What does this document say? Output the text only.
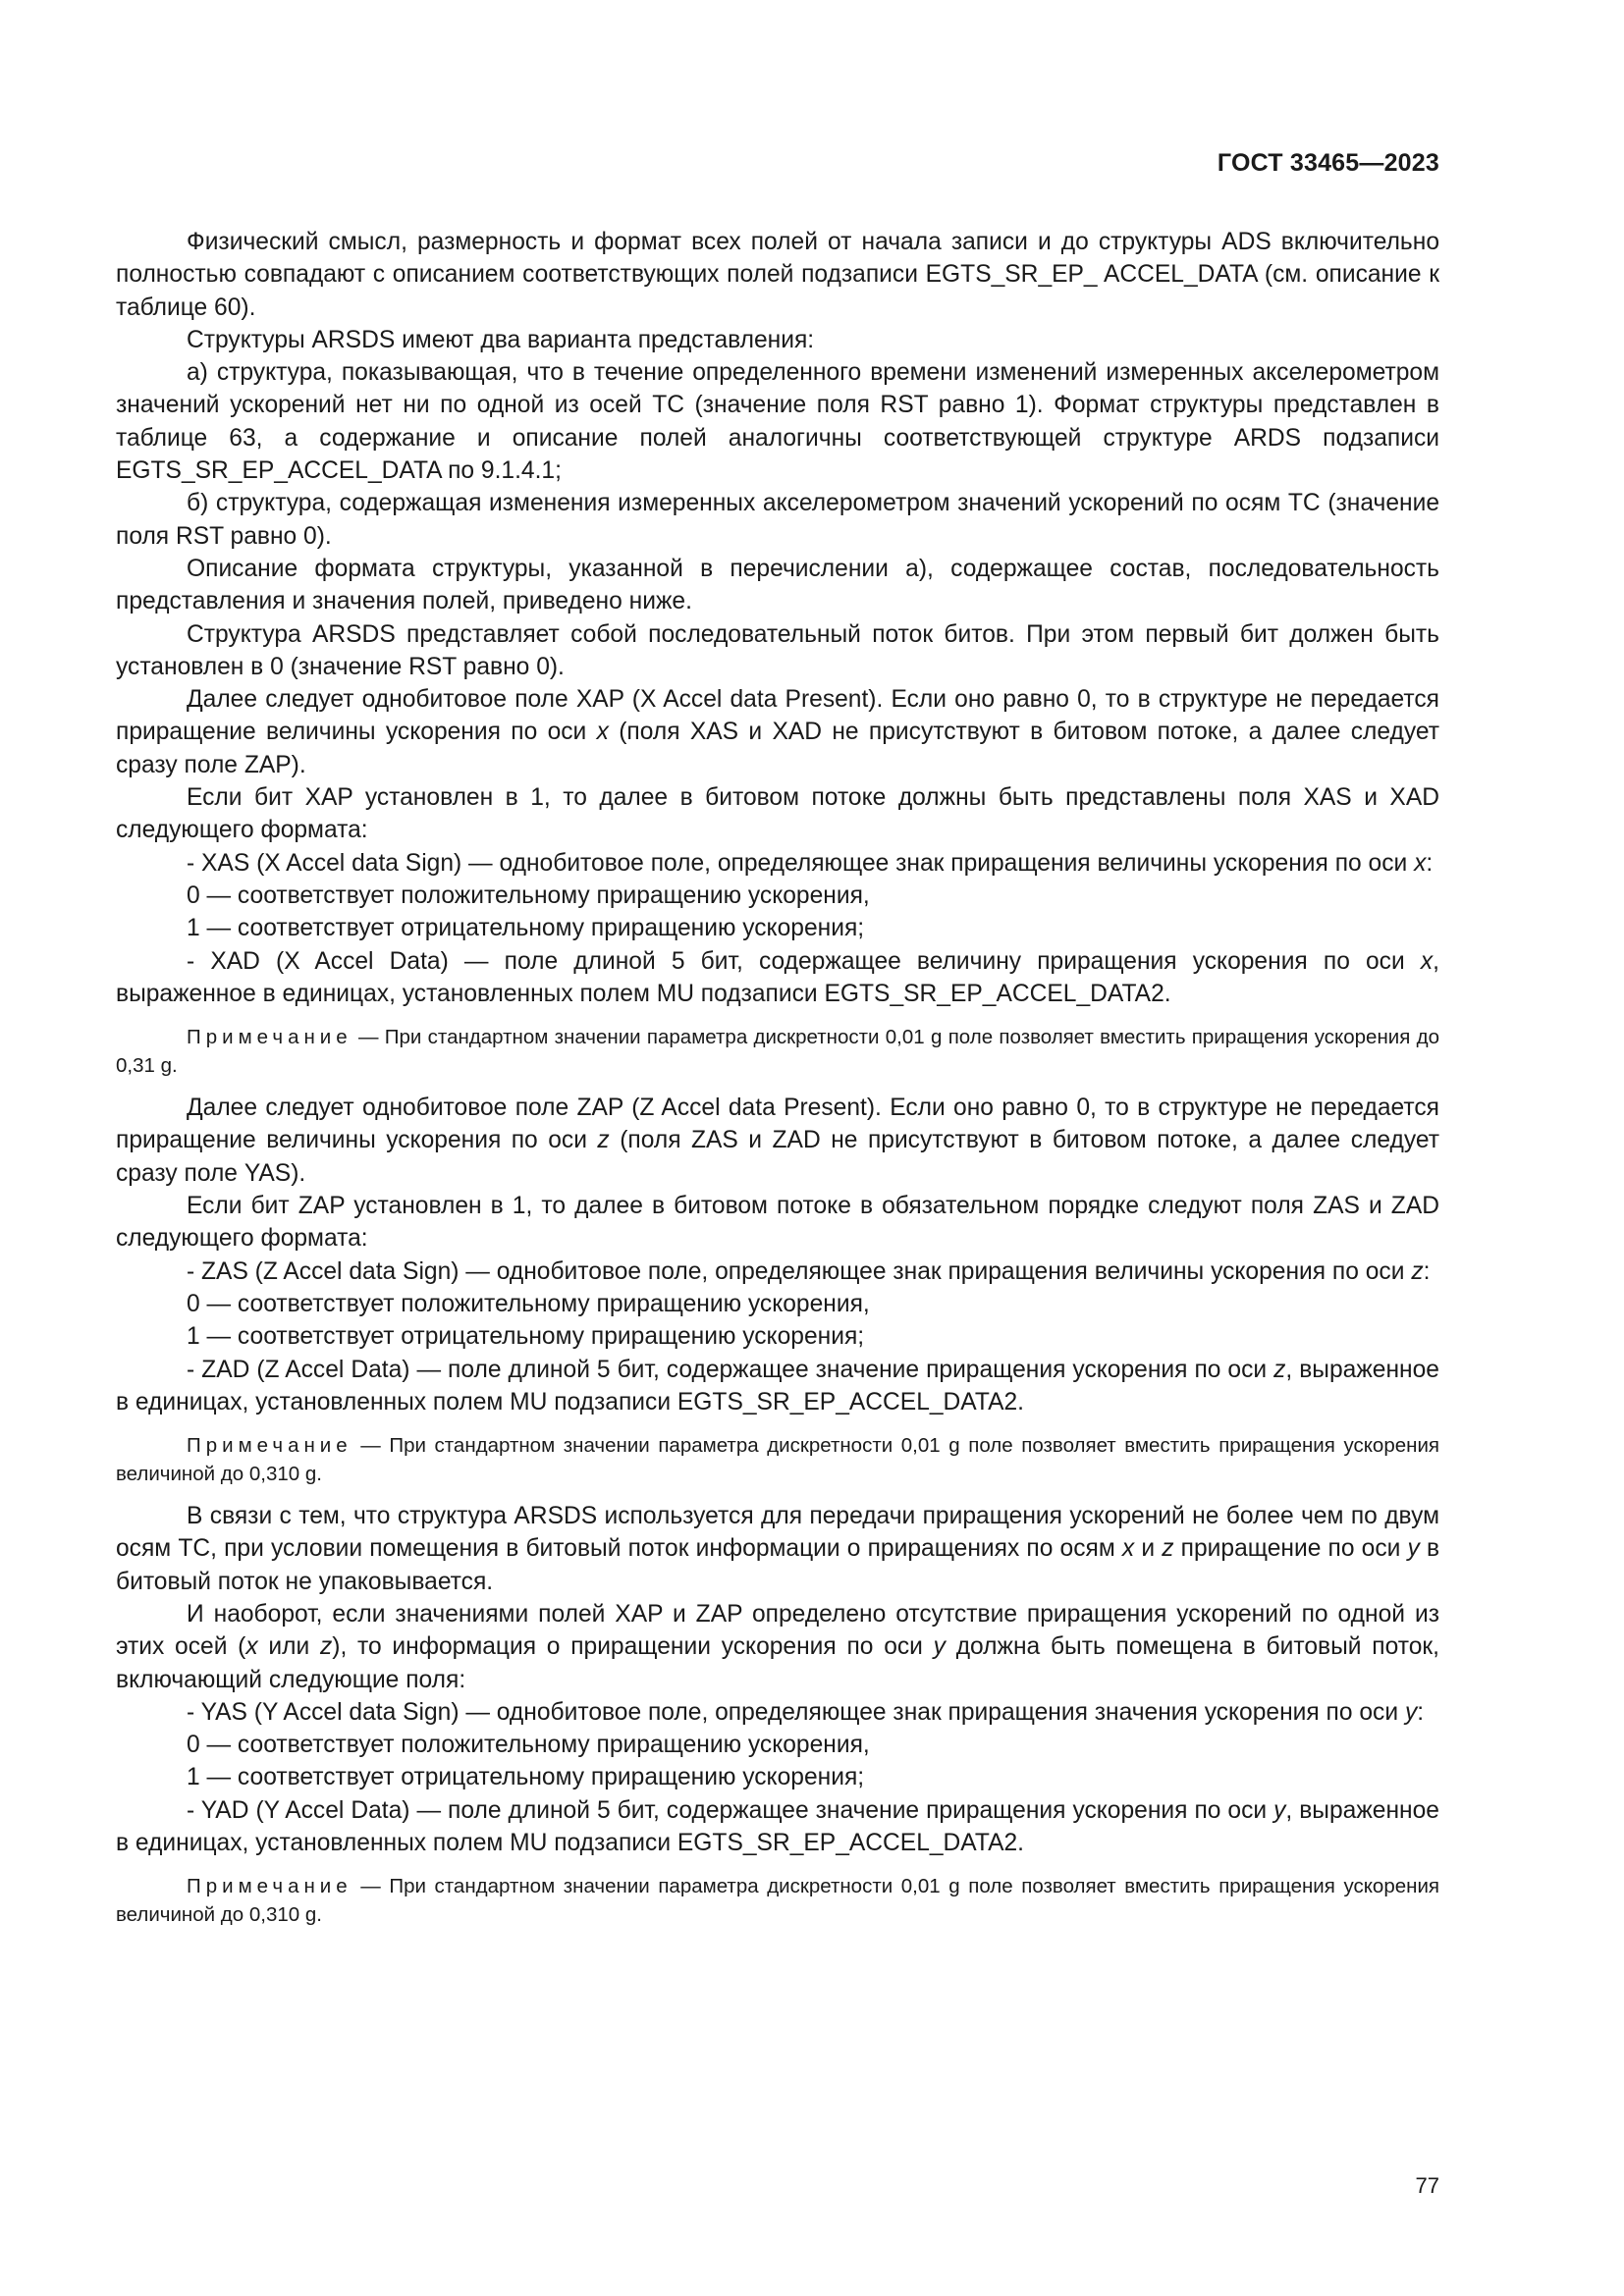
ГОСТ 33465—2023

Физический смысл, размерность и формат всех полей от начала записи и до структуры ADS включительно полностью совпадают с описанием соответствующих полей подзаписи EGTS_SR_EP_ ACCEL_DATA (см. описание к таблице 60).

Структуры ARSDS имеют два варианта представления:

а) структура, показывающая, что в течение определенного времени изменений измеренных акселерометром значений ускорений нет ни по одной из осей ТС (значение поля RST равно 1). Формат структуры представлен в таблице 63, а содержание и описание полей аналогичны соответствующей структуре ARDS подзаписи EGTS_SR_EP_ACCEL_DATA по 9.1.4.1;

б) структура, содержащая изменения измеренных акселерометром значений ускорений по осям ТС (значение поля RST равно 0).

Описание формата структуры, указанной в перечислении а), содержащее состав, последовательность представления и значения полей, приведено ниже.

Структура ARSDS представляет собой последовательный поток битов. При этом первый бит должен быть установлен в 0 (значение RST равно 0).

Далее следует однобитовое поле XAP (X Accel data Present). Если оно равно 0, то в структуре не передается приращение величины ускорения по оси x (поля XAS и XAD не присутствуют в битовом потоке, а далее следует сразу поле ZAP).

Если бит XAP установлен в 1, то далее в битовом потоке должны быть представлены поля XAS и XAD следующего формата:

- XAS (X Accel data Sign) — однобитовое поле, определяющее знак приращения величины ускорения по оси x:

0 — соответствует положительному приращению ускорения,

1 — соответствует отрицательному приращению ускорения;

- XAD (X Accel Data) — поле длиной 5 бит, содержащее величину приращения ускорения по оси x, выраженное в единицах, установленных полем MU подзаписи EGTS_SR_EP_ACCEL_DATA2.

Примечание — При стандартном значении параметра дискретности 0,01 g поле позволяет вместить приращения ускорения до 0,31 g.

Далее следует однобитовое поле ZAP (Z Accel data Present). Если оно равно 0, то в структуре не передается приращение величины ускорения по оси z (поля ZAS и ZAD не присутствуют в битовом потоке, а далее следует сразу поле YAS).

Если бит ZAP установлен в 1, то далее в битовом потоке в обязательном порядке следуют поля ZAS и ZAD следующего формата:

- ZAS (Z Accel data Sign) — однобитовое поле, определяющее знак приращения величины ускорения по оси z:

0 — соответствует положительному приращению ускорения,

1 — соответствует отрицательному приращению ускорения;

- ZAD (Z Accel Data) — поле длиной 5 бит, содержащее значение приращения ускорения по оси z, выраженное в единицах, установленных полем MU подзаписи EGTS_SR_EP_ACCEL_DATA2.

Примечание — При стандартном значении параметра дискретности 0,01 g поле позволяет вместить приращения ускорения величиной до 0,310 g.

В связи с тем, что структура ARSDS используется для передачи приращения ускорений не более чем по двум осям ТС, при условии помещения в битовый поток информации о приращениях по осям x и z приращение по оси y в битовый поток не упаковывается.

И наоборот, если значениями полей XAP и ZAP определено отсутствие приращения ускорений по одной из этих осей (x или z), то информация о приращении ускорения по оси y должна быть помещена в битовый поток, включающий следующие поля:

- YAS (Y Accel data Sign) — однобитовое поле, определяющее знак приращения значения ускорения по оси y:

0 — соответствует положительному приращению ускорения,

1 — соответствует отрицательному приращению ускорения;

- YAD (Y Accel Data) — поле длиной 5 бит, содержащее значение приращения ускорения по оси y, выраженное в единицах, установленных полем MU подзаписи EGTS_SR_EP_ACCEL_DATA2.

Примечание — При стандартном значении параметра дискретности 0,01 g поле позволяет вместить приращения ускорения величиной до 0,310 g.

77
